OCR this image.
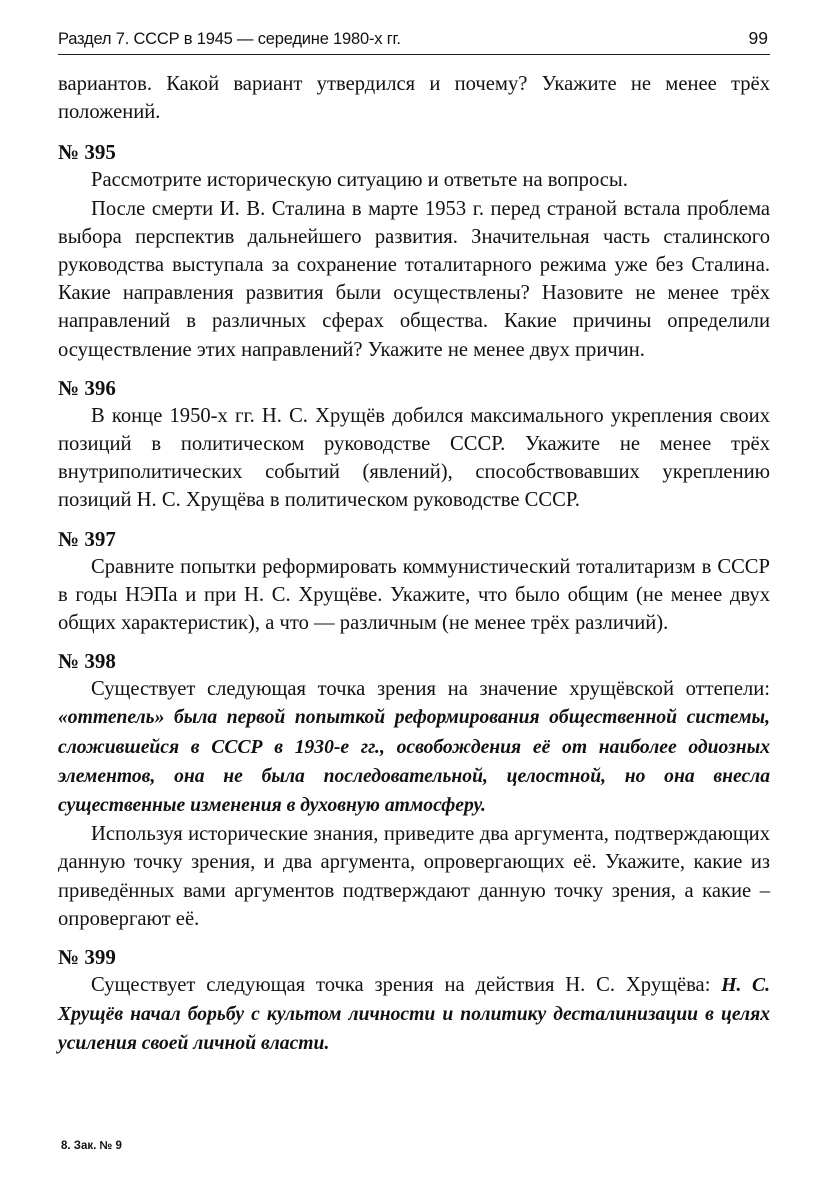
Раздел 7. СССР в 1945 — середине 1980-х гг.	99

вариантов. Какой вариант утвердился и почему? Укажите не менее трёх положений.

№ 395

Рассмотрите историческую ситуацию и ответьте на вопросы.

После смерти И. В. Сталина в марте 1953 г. перед страной встала проблема выбора перспектив дальнейшего развития. Значительная часть сталинского руководства выступала за сохранение тоталитарного режима уже без Сталина. Какие направления развития были осуществлены? Назовите не менее трёх направлений в различных сферах общества. Какие причины определили осуществление этих направлений? Укажите не менее двух причин.

№ 396

В конце 1950-х гг. Н. С. Хрущёв добился максимального укрепления своих позиций в политическом руководстве СССР. Укажите не менее трёх внутриполитических событий (явлений), способствовавших укреплению позиций Н. С. Хрущёва в политическом руководстве СССР.

№ 397

Сравните попытки реформировать коммунистический тоталитаризм в СССР в годы НЭПа и при Н. С. Хрущёве. Укажите, что было общим (не менее двух общих характеристик), а что — различным (не менее трёх различий).

№ 398

Существует следующая точка зрения на значение хрущёвской оттепели: «оттепель» была первой попыткой реформирования общественной системы, сложившейся в СССР в 1930-е гг., освобождения её от наиболее одиозных элементов, она не была последовательной, целостной, но она внесла существенные изменения в духовную атмосферу.

Используя исторические знания, приведите два аргумента, подтверждающих данную точку зрения, и два аргумента, опровергающих её. Укажите, какие из приведённых вами аргументов подтверждают данную точку зрения, а какие – опровергают её.

№ 399

Существует следующая точка зрения на действия Н. С. Хрущёва: Н. С. Хрущёв начал борьбу с культом личности и политику десталинизации в целях усиления своей личной власти.

8. Зак. № 9
